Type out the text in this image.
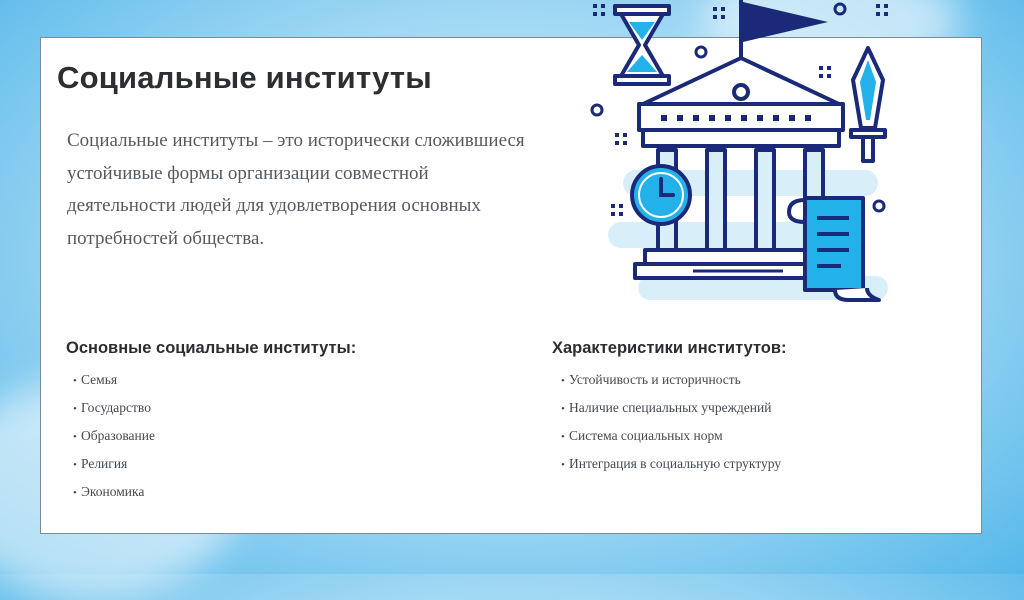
Социальные институты

Социальные институты – это исторически сложившиеся устойчивые формы организации совместной деятельности людей для удовлетворения основных потребностей общества.

Основные социальные институты:
• Семья
• Государство
• Образование
• Религия
• Экономика
Характеристики институтов:
• Устойчивость и историчность
• Наличие специальных учреждений
• Система социальных норм
• Интеграция в социальную структуру
